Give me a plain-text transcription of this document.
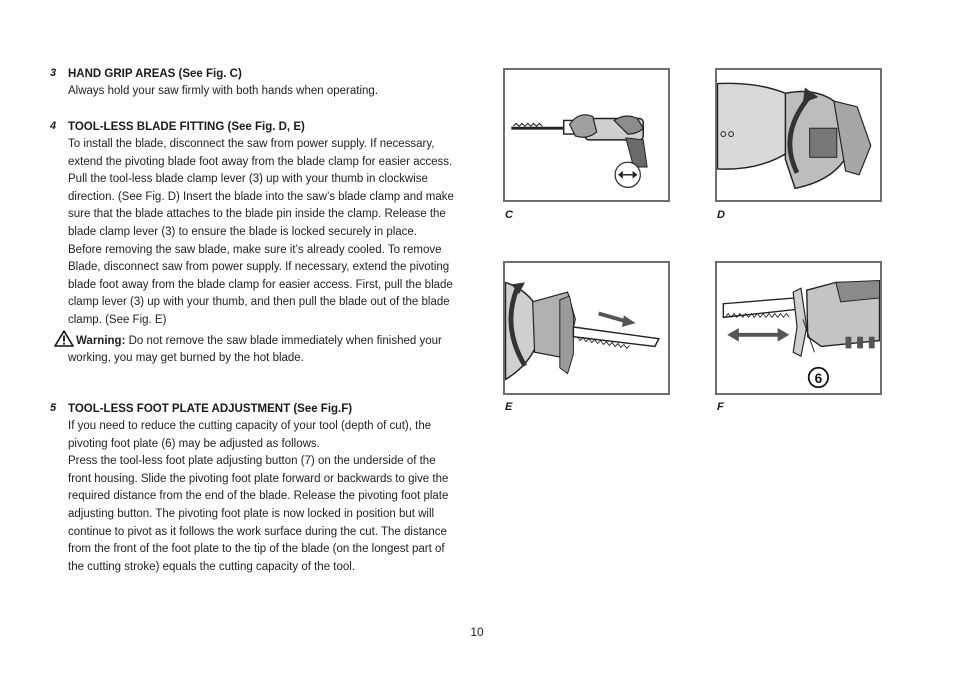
3 HAND GRIP AREAS (See Fig. C)
Always hold your saw firmly with both hands when operating.
4 TOOL-LESS BLADE FITTING (See Fig. D, E)
To install the blade, disconnect the saw from power supply. If necessary, extend the pivoting blade foot away from the blade clamp for easier access. Pull the tool-less blade clamp lever (3) up with your thumb in clockwise direction. (See Fig. D) Insert the blade into the saw’s blade clamp and make sure that the blade attaches to the blade pin inside the clamp. Release the blade clamp lever (3) to ensure the blade is locked securely in place.
Before removing the saw blade, make sure it’s already cooled. To remove Blade, disconnect saw from power supply. If necessary, extend the pivoting blade foot away from the blade clamp for easier access. First, pull the blade clamp lever (3) up with your thumb, and then pull the blade out of the blade clamp. (See Fig. E)
Warning: Do not remove the saw blade immediately when finished your working, you may get burned by the hot blade.
5 TOOL-LESS FOOT PLATE ADJUSTMENT (See Fig.F)
If you need to reduce the cutting capacity of your tool (depth of cut), the pivoting foot plate (6) may be adjusted as follows.
Press the tool-less foot plate adjusting button (7) on the underside of the front housing. Slide the pivoting foot plate forward or backwards to give the required distance from the end of the blade. Release the pivoting foot plate adjusting button. The pivoting foot plate is now locked in position but will continue to pivot as it follows the work surface during the cut. The distance from the front of the foot plate to the tip of the blade (on the longest part of the cutting stroke) equals the cutting capacity of the tool.
C	D
E
6
F
10
